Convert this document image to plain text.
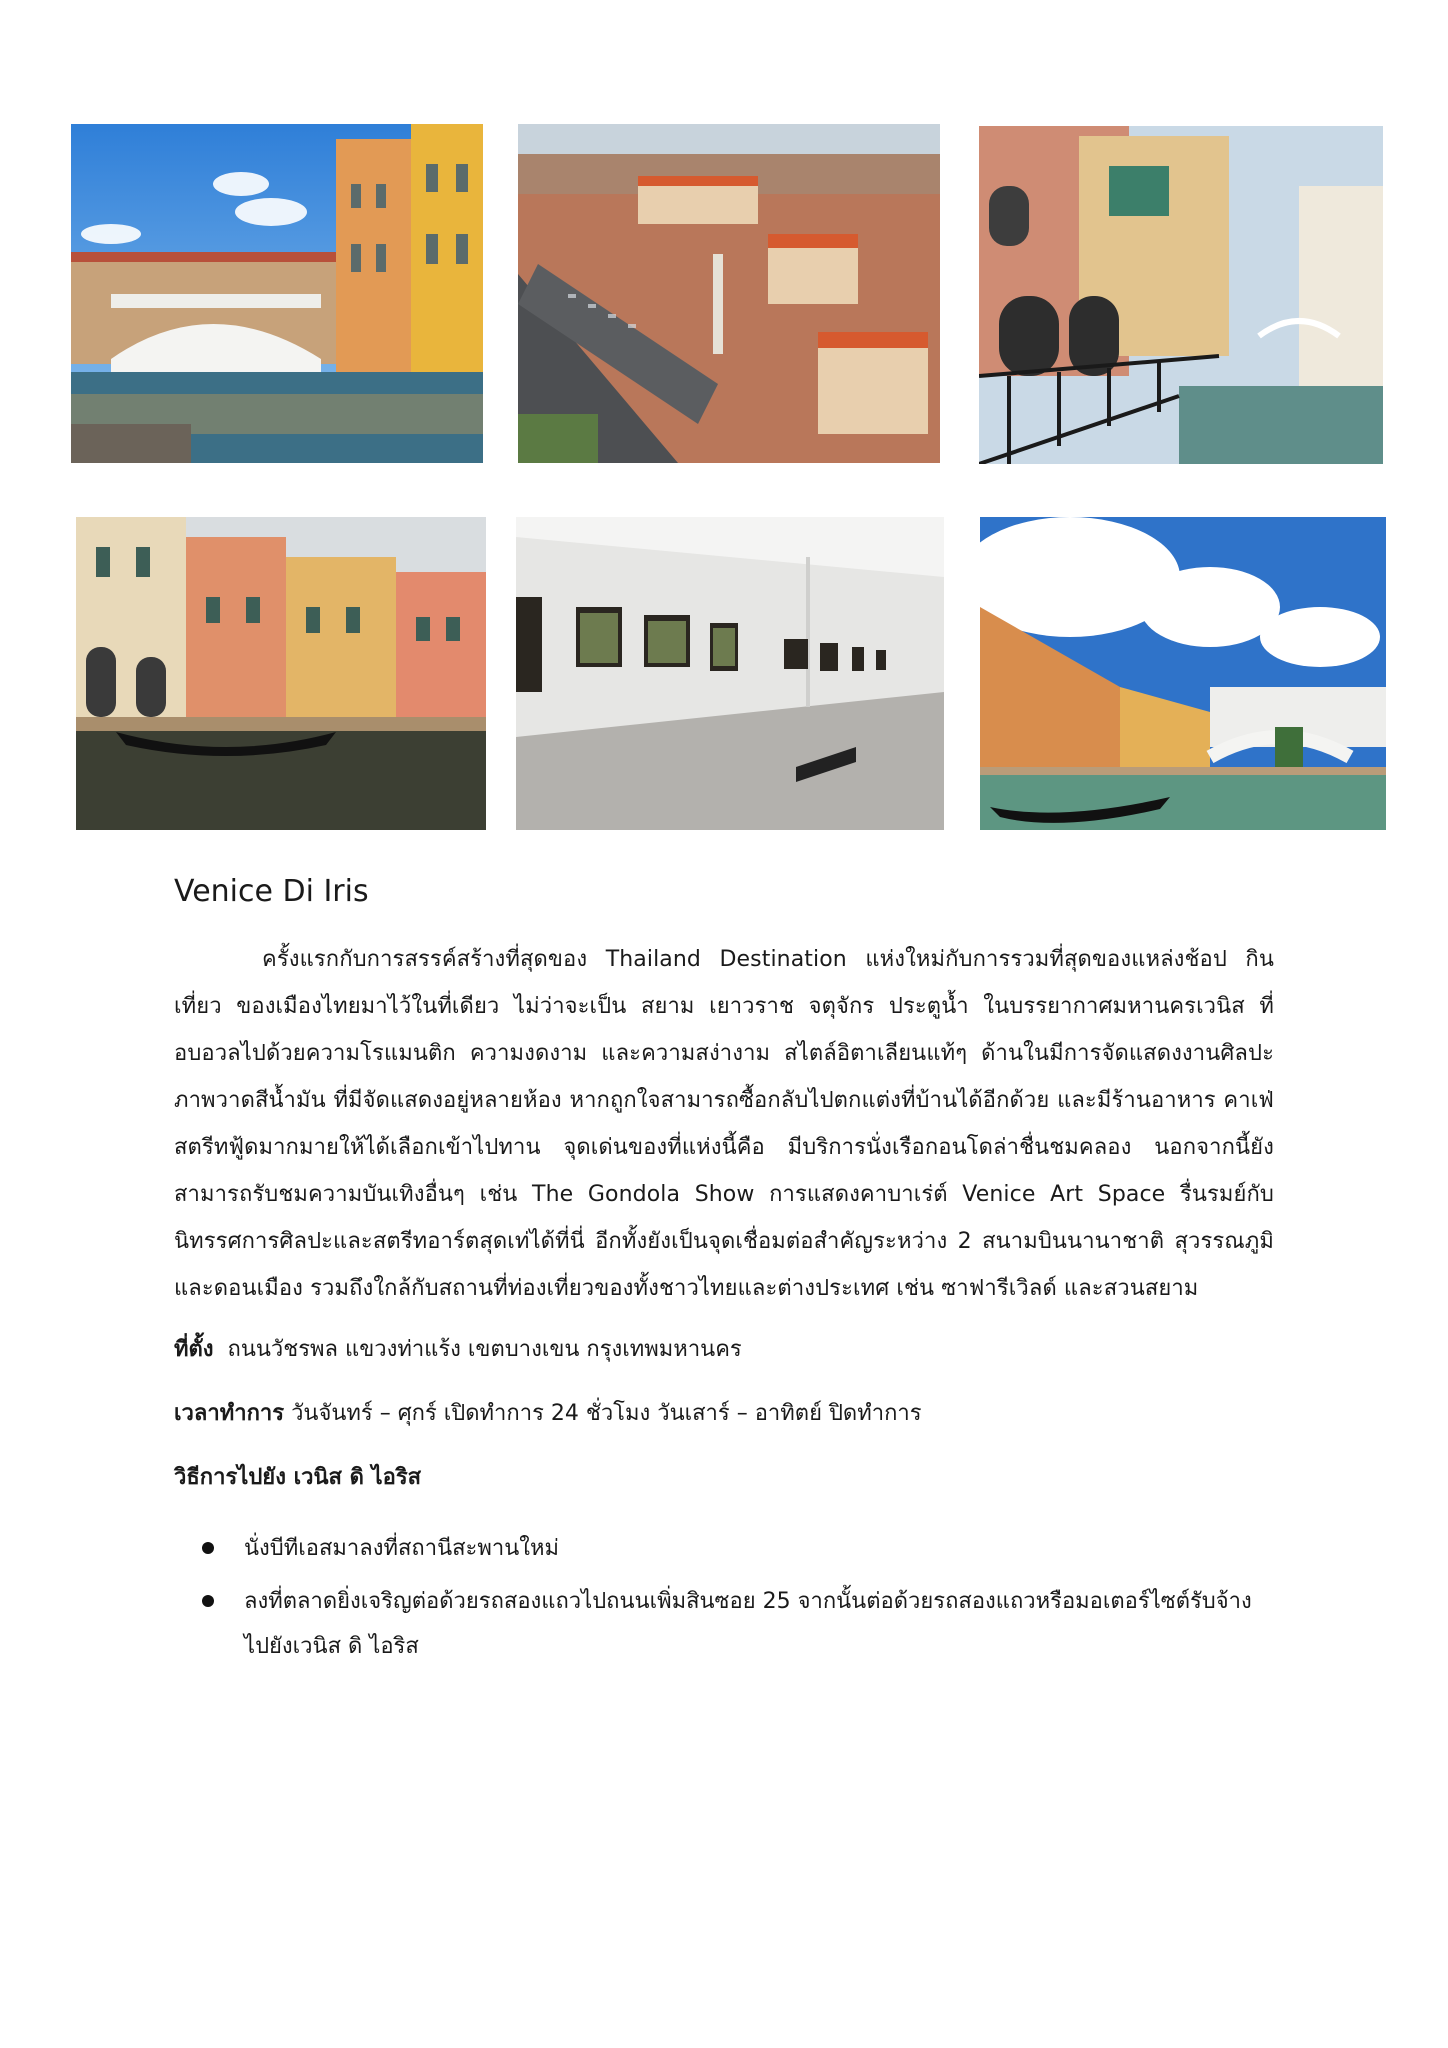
Venice Di Iris

ครั้งแรกกับการสรรค์สร้างที่สุดของ Thailand Destination แห่งใหม่กับการรวมที่สุดของแหล่งช้อป กิน เที่ยว ของเมืองไทยมาไว้ในที่เดียว ไม่ว่าจะเป็น สยาม เยาวราช จตุจักร ประตูน้ำ ในบรรยากาศมหานครเวนิส ที่อบอวลไปด้วยความโรแมนติก ความงดงาม และความสง่างาม สไตล์อิตาเลียนแท้ๆ ด้านในมีการจัดแสดงงานศิลปะภาพวาดสีน้ำมัน ที่มีจัดแสดงอยู่หลายห้อง หากถูกใจสามารถซื้อกลับไปตกแต่งที่บ้านได้อีกด้วย และมีร้านอาหาร คาเฟ่ สตรีทฟู้ดมากมายให้ได้เลือกเข้าไปทาน จุดเด่นของที่แห่งนี้คือ มีบริการนั่งเรือกอนโดล่าชื่นชมคลอง นอกจากนี้ยังสามารถรับชมความบันเทิงอื่นๆ เช่น The Gondola Show การแสดงคาบาเร่ต์ Venice Art Space รื่นรมย์กับนิทรรศการศิลปะและสตรีทอาร์ตสุดเท่ได้ที่นี่ อีกทั้งยังเป็นจุดเชื่อมต่อสำคัญระหว่าง 2 สนามบินนานาชาติ สุวรรณภูมิ และดอนเมือง รวมถึงใกล้กับสถานที่ท่องเที่ยวของทั้งชาวไทยและต่างประเทศ เช่น ซาฟารีเวิลด์ และสวนสยาม

ที่ตั้ง ถนนวัชรพล แขวงท่าแร้ง เขตบางเขน กรุงเทพมหานคร

เวลาทำการ วันจันทร์ – ศุกร์ เปิดทำการ 24 ชั่วโมง วันเสาร์ – อาทิตย์ ปิดทำการ

วิธีการไปยัง เวนิส ดิ ไอริส

นั่งบีทีเอสมาลงที่สถานีสะพานใหม่
ลงที่ตลาดยิ่งเจริญต่อด้วยรถสองแถวไปถนนเพิ่มสินซอย 25 จากนั้นต่อด้วยรถสองแถวหรือมอเตอร์ไซต์รับจ้างไปยังเวนิส ดิ ไอริส
